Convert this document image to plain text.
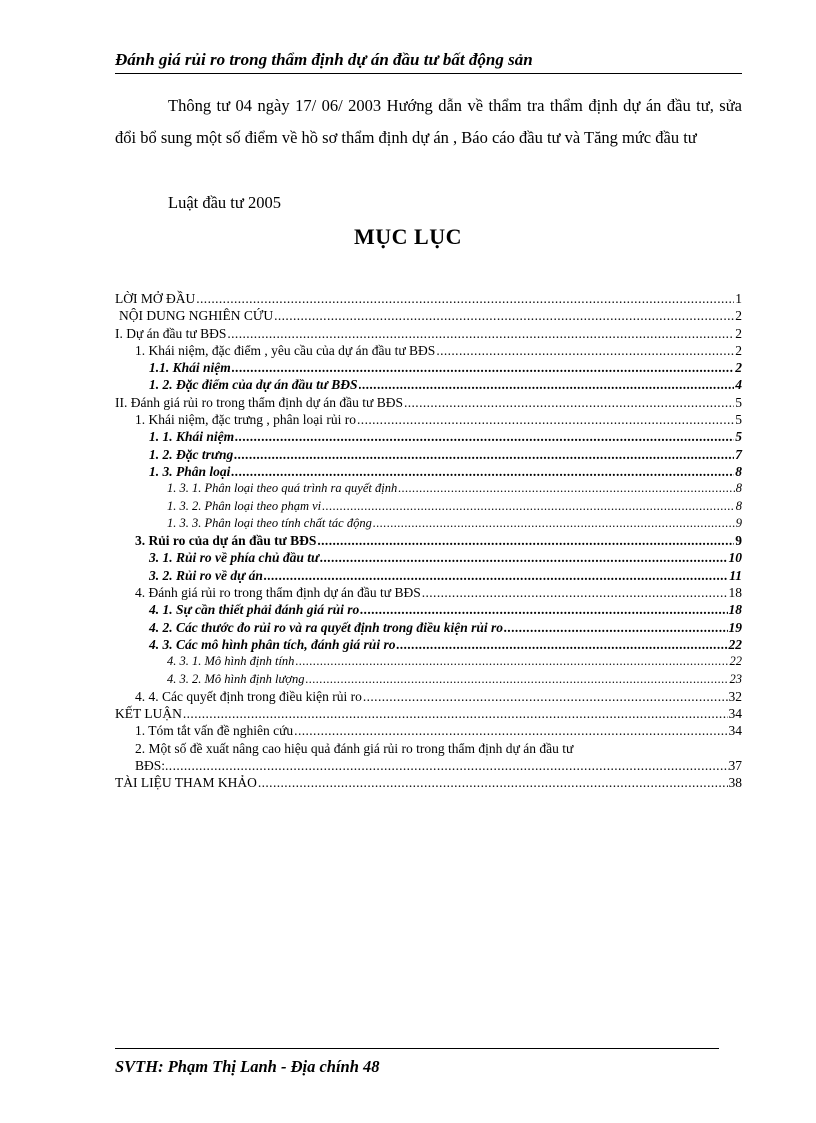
Đánh giá rủi ro trong thẩm định dự án đầu tư bất động sản

Thông tư 04 ngày 17/ 06/ 2003 Hướng dẫn về thẩm tra thẩm định dự án đầu tư, sửa đổi bổ sung một số điểm về hồ sơ thẩm định dự án , Báo cáo đầu tư và Tăng mức đầu tư

Luật đầu tư 2005
MỤC LỤC
LỜI MỞ ĐẦU .....	1
NỘI DUNG NGHIÊN CỨU .....	2
I. Dự án đầu tư BĐS .....	2
1. Khái niệm, đặc điểm , yêu cầu của dự án đầu tư BĐS .....	2
1.1. Khái niệm .....	2
1. 2. Đặc điểm của dự án đầu tư BĐS .....	4
II. Đánh giá rủi ro trong thẩm định dự án đầu tư BĐS .....	5
1. Khái niệm, đặc trưng , phân loại rủi ro .....	5
1. 1. Khái niệm .....	5
1. 2. Đặc trưng .....	7
1. 3. Phân loại .....	8
1. 3. 1. Phân loại theo quá trình ra quyết định .....	8
1. 3. 2. Phân loại theo phạm vi .....	8
1. 3. 3. Phân loại theo tính chất tác động .....	9
3. Rủi ro của dự án đầu tư BĐS .....	9
3. 1. Rủi ro về phía chủ đầu tư .....	10
3. 2. Rủi ro về dự án .....	11
4. Đánh giá rủi ro trong thẩm định dự án đầu tư BĐS .....	18
4. 1. Sự cần thiết phải đánh giá rủi ro .....	18
4. 2. Các thước đo rủi ro và ra quyết định trong điều kiện rủi ro .....	19
4. 3. Các mô hình phân tích, đánh giá rủi ro .....	22
4. 3. 1. Mô hình định tính .....	22
4. 3. 2. Mô hình định lượng .....	23
4. 4. Các quyết định trong điều kiện rủi ro .....	32
KẾT LUẬN .....	34
1. Tóm tắt vấn đề nghiên cứu .....	34
2. Một số đề xuất nâng cao hiệu quả đánh giá rủi ro trong thẩm định dự án đầu tư
BĐS: .....	37
TÀI LIỆU THAM KHẢO .....	38
SVTH: Phạm Thị Lanh - Địa chính 48
